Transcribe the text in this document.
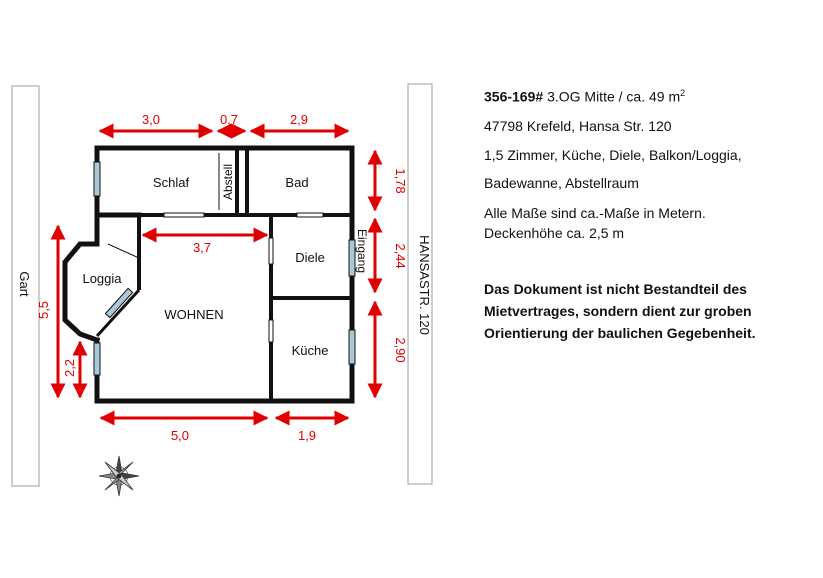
Gart	HANSASTR. 120
Schlaf	Abstell	Bad
Loggia
WOHNEN
Diele
Küche
Eingang
3,0	0,7	2,9
3,7
1,78
2,44
2,90
5,5
2,2
5,0	1,9
356-169# 3.OG Mitte / ca. 49 $m^2$
47798 Krefeld, Hansa Str. 120
1,5 Zimmer, Küche, Diele, Balkon/Loggia,
Badewanne, Abstellraum
Alle Maße sind ca.-Maße in Metern.
Deckenhöhe ca. 2,5 m
Das Dokument ist nicht Bestandteil des
Mietvertrages, sondern dient zur groben
Orientierung der baulichen Gegebenheit.
